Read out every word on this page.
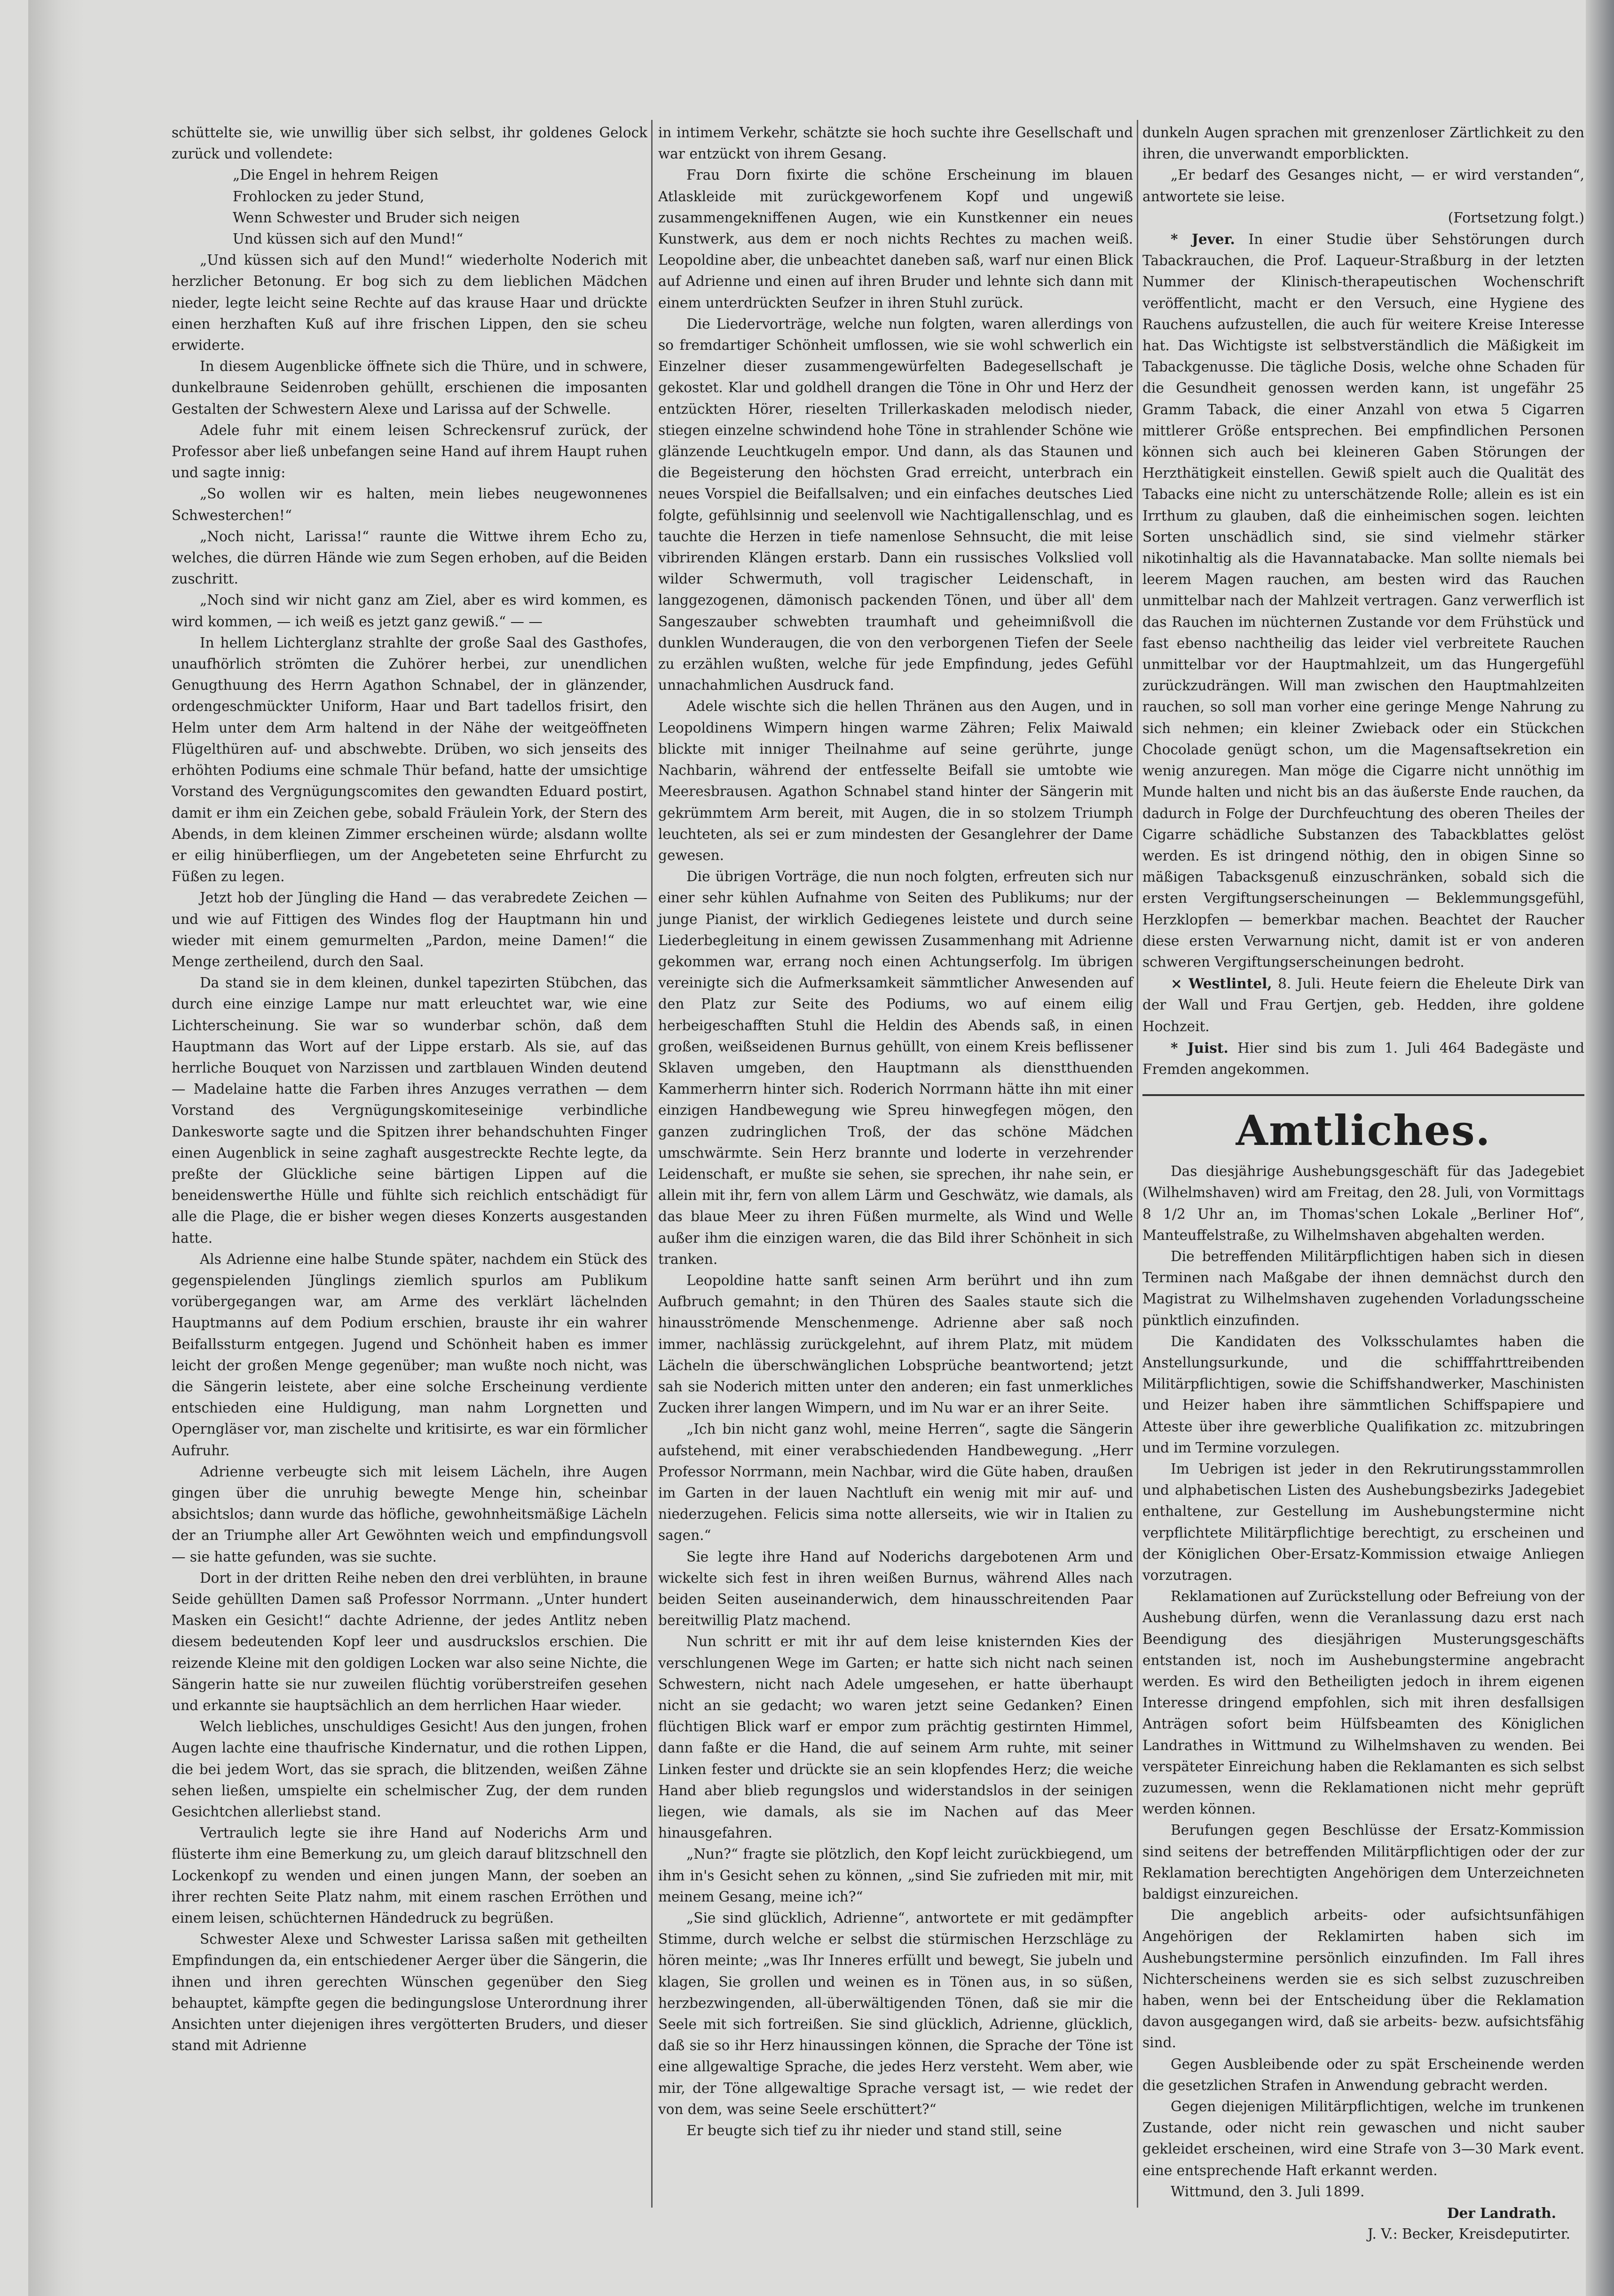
schüttelte sie, wie unwillig über sich selbst, ihr goldenes Gelock zurück und vollendete:

„Die Engel in hehrem Reigen

Frohlocken zu jeder Stund,

Wenn Schwester und Bruder sich neigen

Und küssen sich auf den Mund!“

„Und küssen sich auf den Mund!“ wiederholte Noderich mit herzlicher Betonung. Er bog sich zu dem lieblichen Mädchen nieder, legte leicht seine Rechte auf das krause Haar und drückte einen herzhaften Kuß auf ihre frischen Lippen, den sie scheu erwiderte.

In diesem Augenblicke öffnete sich die Thüre, und in schwere, dunkelbraune Seidenroben gehüllt, erschienen die imposanten Gestalten der Schwestern Alexe und Larissa auf der Schwelle.

Adele fuhr mit einem leisen Schreckensruf zurück, der Professor aber ließ unbefangen seine Hand auf ihrem Haupt ruhen und sagte innig:

„So wollen wir es halten, mein liebes neugewonnenes Schwesterchen!“

„Noch nicht, Larissa!“ raunte die Wittwe ihrem Echo zu, welches, die dürren Hände wie zum Segen erhoben, auf die Beiden zuschritt.

„Noch sind wir nicht ganz am Ziel, aber es wird kommen, es wird kommen, — ich weiß es jetzt ganz gewiß.“ — —

In hellem Lichterglanz strahlte der große Saal des Gasthofes, unaufhörlich strömten die Zuhörer herbei, zur unendlichen Genugthuung des Herrn Agathon Schnabel, der in glänzender, ordengeschmückter Uniform, Haar und Bart tadellos frisirt, den Helm unter dem Arm haltend in der Nähe der weitgeöffneten Flügelthüren auf- und abschwebte. Drüben, wo sich jenseits des erhöhten Podiums eine schmale Thür befand, hatte der umsichtige Vorstand des Vergnügungscomites den gewandten Eduard postirt, damit er ihm ein Zeichen gebe, sobald Fräulein York, der Stern des Abends, in dem kleinen Zimmer erscheinen würde; alsdann wollte er eilig hinüberfliegen, um der Angebeteten seine Ehrfurcht zu Füßen zu legen.

Jetzt hob der Jüngling die Hand — das verabredete Zeichen — und wie auf Fittigen des Windes flog der Hauptmann hin und wieder mit einem gemurmelten „Pardon, meine Damen!“ die Menge zertheilend, durch den Saal.

Da stand sie in dem kleinen, dunkel tapezirten Stübchen, das durch eine einzige Lampe nur matt erleuchtet war, wie eine Lichterscheinung. Sie war so wunderbar schön, daß dem Hauptmann das Wort auf der Lippe erstarb. Als sie, auf das herrliche Bouquet von Narzissen und zartblauen Winden deutend — Madelaine hatte die Farben ihres Anzuges verrathen — dem Vorstand des Vergnügungskomiteseinige verbindliche Dankesworte sagte und die Spitzen ihrer behandschuhten Finger einen Augenblick in seine zaghaft ausgestreckte Rechte legte, da preßte der Glückliche seine bärtigen Lippen auf die beneidenswerthe Hülle und fühlte sich reichlich entschädigt für alle die Plage, die er bisher wegen dieses Konzerts ausgestanden hatte.

Als Adrienne eine halbe Stunde später, nachdem ein Stück des gegenspielenden Jünglings ziemlich spurlos am Publikum vorübergegangen war, am Arme des verklärt lächelnden Hauptmanns auf dem Podium erschien, brauste ihr ein wahrer Beifallssturm entgegen. Jugend und Schönheit haben es immer leicht der großen Menge gegenüber; man wußte noch nicht, was die Sängerin leistete, aber eine solche Erscheinung verdiente entschieden eine Huldigung, man nahm Lorgnetten und Operngläser vor, man zischelte und kritisirte, es war ein förmlicher Aufruhr.

Adrienne verbeugte sich mit leisem Lächeln, ihre Augen gingen über die unruhig bewegte Menge hin, scheinbar absichtslos; dann wurde das höfliche, gewohnheitsmäßige Lächeln der an Triumphe aller Art Gewöhnten weich und empfindungsvoll — sie hatte gefunden, was sie suchte.

Dort in der dritten Reihe neben den drei verblühten, in braune Seide gehüllten Damen saß Professor Norrmann. „Unter hundert Masken ein Gesicht!“ dachte Adrienne, der jedes Antlitz neben diesem bedeutenden Kopf leer und ausdruckslos erschien. Die reizende Kleine mit den goldigen Locken war also seine Nichte, die Sängerin hatte sie nur zuweilen flüchtig vorüberstreifen gesehen und erkannte sie hauptsächlich an dem herrlichen Haar wieder.

Welch liebliches, unschuldiges Gesicht! Aus den jungen, frohen Augen lachte eine thaufrische Kindernatur, und die rothen Lippen, die bei jedem Wort, das sie sprach, die blitzenden, weißen Zähne sehen ließen, umspielte ein schelmischer Zug, der dem runden Gesichtchen allerliebst stand.

Vertraulich legte sie ihre Hand auf Noderichs Arm und flüsterte ihm eine Bemerkung zu, um gleich darauf blitzschnell den Lockenkopf zu wenden und einen jungen Mann, der soeben an ihrer rechten Seite Platz nahm, mit einem raschen Erröthen und einem leisen, schüchternen Händedruck zu begrüßen.

Schwester Alexe und Schwester Larissa saßen mit getheilten Empfindungen da, ein entschiedener Aerger über die Sängerin, die ihnen und ihren gerechten Wünschen gegenüber den Sieg behauptet, kämpfte gegen die bedingungslose Unterordnung ihrer Ansichten unter diejenigen ihres vergötterten Bruders, und dieser stand mit Adrienne

in intimem Verkehr, schätzte sie hoch suchte ihre Gesellschaft und war entzückt von ihrem Gesang.

Frau Dorn fixirte die schöne Erscheinung im blauen Atlaskleide mit zurückgeworfenem Kopf und ungewiß zusammengekniffenen Augen, wie ein Kunstkenner ein neues Kunstwerk, aus dem er noch nichts Rechtes zu machen weiß. Leopoldine aber, die unbeachtet daneben saß, warf nur einen Blick auf Adrienne und einen auf ihren Bruder und lehnte sich dann mit einem unterdrückten Seufzer in ihren Stuhl zurück.

Die Liedervorträge, welche nun folgten, waren allerdings von so fremdartiger Schönheit umflossen, wie sie wohl schwerlich ein Einzelner dieser zusammengewürfelten Badegesellschaft je gekostet. Klar und goldhell drangen die Töne in Ohr und Herz der entzückten Hörer, rieselten Trillerkaskaden melodisch nieder, stiegen einzelne schwindend hohe Töne in strahlender Schöne wie glänzende Leuchtkugeln empor. Und dann, als das Staunen und die Begeisterung den höchsten Grad erreicht, unterbrach ein neues Vorspiel die Beifallsalven; und ein einfaches deutsches Lied folgte, gefühlsinnig und seelenvoll wie Nachtigallenschlag, und es tauchte die Herzen in tiefe namenlose Sehnsucht, die mit leise vibrirenden Klängen erstarb. Dann ein russisches Volkslied voll wilder Schwermuth, voll tragischer Leidenschaft, in langgezogenen, dämonisch packenden Tönen, und über all' dem Sangeszauber schwebten traumhaft und geheimnißvoll die dunklen Wunderaugen, die von den verborgenen Tiefen der Seele zu erzählen wußten, welche für jede Empfindung, jedes Gefühl unnachahmlichen Ausdruck fand.

Adele wischte sich die hellen Thränen aus den Augen, und in Leopoldinens Wimpern hingen warme Zähren; Felix Maiwald blickte mit inniger Theilnahme auf seine gerührte, junge Nachbarin, während der entfesselte Beifall sie umtobte wie Meeresbrausen. Agathon Schnabel stand hinter der Sängerin mit gekrümmtem Arm bereit, mit Augen, die in so stolzem Triumph leuchteten, als sei er zum mindesten der Gesanglehrer der Dame gewesen.

Die übrigen Vorträge, die nun noch folgten, erfreuten sich nur einer sehr kühlen Aufnahme von Seiten des Publikums; nur der junge Pianist, der wirklich Gediegenes leistete und durch seine Liederbegleitung in einem gewissen Zusammenhang mit Adrienne gekommen war, errang noch einen Achtungserfolg. Im übrigen vereinigte sich die Aufmerksamkeit sämmtlicher Anwesenden auf den Platz zur Seite des Podiums, wo auf einem eilig herbeigeschafften Stuhl die Heldin des Abends saß, in einen großen, weißseidenen Burnus gehüllt, von einem Kreis beflissener Sklaven umgeben, den Hauptmann als dienstthuenden Kammerherrn hinter sich. Roderich Norrmann hätte ihn mit einer einzigen Handbewegung wie Spreu hinwegfegen mögen, den ganzen zudringlichen Troß, der das schöne Mädchen umschwärmte. Sein Herz brannte und loderte in verzehrender Leidenschaft, er mußte sie sehen, sie sprechen, ihr nahe sein, er allein mit ihr, fern von allem Lärm und Geschwätz, wie damals, als das blaue Meer zu ihren Füßen murmelte, als Wind und Welle außer ihm die einzigen waren, die das Bild ihrer Schönheit in sich tranken.

Leopoldine hatte sanft seinen Arm berührt und ihn zum Aufbruch gemahnt; in den Thüren des Saales staute sich die hinausströmende Menschenmenge. Adrienne aber saß noch immer, nachlässig zurückgelehnt, auf ihrem Platz, mit müdem Lächeln die überschwänglichen Lobsprüche beantwortend; jetzt sah sie Noderich mitten unter den anderen; ein fast unmerkliches Zucken ihrer langen Wimpern, und im Nu war er an ihrer Seite.

„Ich bin nicht ganz wohl, meine Herren“, sagte die Sängerin aufstehend, mit einer verabschiedenden Handbewegung. „Herr Professor Norrmann, mein Nachbar, wird die Güte haben, draußen im Garten in der lauen Nachtluft ein wenig mit mir auf- und niederzugehen. Felicis sima notte allerseits, wie wir in Italien zu sagen.“

Sie legte ihre Hand auf Noderichs dargebotenen Arm und wickelte sich fest in ihren weißen Burnus, während Alles nach beiden Seiten auseinanderwich, dem hinausschreitenden Paar bereitwillig Platz machend.

Nun schritt er mit ihr auf dem leise knisternden Kies der verschlungenen Wege im Garten; er hatte sich nicht nach seinen Schwestern, nicht nach Adele umgesehen, er hatte überhaupt nicht an sie gedacht; wo waren jetzt seine Gedanken? Einen flüchtigen Blick warf er empor zum prächtig gestirnten Himmel, dann faßte er die Hand, die auf seinem Arm ruhte, mit seiner Linken fester und drückte sie an sein klopfendes Herz; die weiche Hand aber blieb regungslos und widerstandslos in der seinigen liegen, wie damals, als sie im Nachen auf das Meer hinausgefahren.

„Nun?“ fragte sie plötzlich, den Kopf leicht zurückbiegend, um ihm in's Gesicht sehen zu können, „sind Sie zufrieden mit mir, mit meinem Gesang, meine ich?“

„Sie sind glücklich, Adrienne“, antwortete er mit gedämpfter Stimme, durch welche er selbst die stürmischen Herzschläge zu hören meinte; „was Ihr Inneres erfüllt und bewegt, Sie jubeln und klagen, Sie grollen und weinen es in Tönen aus, in so süßen, herzbezwingenden, all-überwältigenden Tönen, daß sie mir die Seele mit sich fortreißen. Sie sind glücklich, Adrienne, glücklich, daß sie so ihr Herz hinaussingen können, die Sprache der Töne ist eine allgewaltige Sprache, die jedes Herz versteht. Wem aber, wie mir, der Töne allgewaltige Sprache versagt ist, — wie redet der von dem, was seine Seele erschüttert?“

Er beugte sich tief zu ihr nieder und stand still, seine

dunkeln Augen sprachen mit grenzenloser Zärtlichkeit zu den ihren, die unverwandt emporblickten.

„Er bedarf des Gesanges nicht, — er wird verstanden“, antwortete sie leise.

(Fortsetzung folgt.)

* Jever. In einer Studie über Sehstörungen durch Tabackrauchen, die Prof. Laqueur-Straßburg in der letzten Nummer der Klinisch-therapeutischen Wochenschrift veröffentlicht, macht er den Versuch, eine Hygiene des Rauchens aufzustellen, die auch für weitere Kreise Interesse hat. Das Wichtigste ist selbstverständlich die Mäßigkeit im Tabackgenusse. Die tägliche Dosis, welche ohne Schaden für die Gesundheit genossen werden kann, ist ungefähr 25 Gramm Taback, die einer Anzahl von etwa 5 Cigarren mittlerer Größe entsprechen. Bei empfindlichen Personen können sich auch bei kleineren Gaben Störungen der Herzthätigkeit einstellen. Gewiß spielt auch die Qualität des Tabacks eine nicht zu unterschätzende Rolle; allein es ist ein Irrthum zu glauben, daß die einheimischen sogen. leichten Sorten unschädlich sind, sie sind vielmehr stärker nikotinhaltig als die Havannatabacke. Man sollte niemals bei leerem Magen rauchen, am besten wird das Rauchen unmittelbar nach der Mahlzeit vertragen. Ganz verwerflich ist das Rauchen im nüchternen Zustande vor dem Frühstück und fast ebenso nachtheilig das leider viel verbreitete Rauchen unmittelbar vor der Hauptmahlzeit, um das Hungergefühl zurückzudrängen. Will man zwischen den Hauptmahlzeiten rauchen, so soll man vorher eine geringe Menge Nahrung zu sich nehmen; ein kleiner Zwieback oder ein Stückchen Chocolade genügt schon, um die Magensaftsekretion ein wenig anzuregen. Man möge die Cigarre nicht unnöthig im Munde halten und nicht bis an das äußerste Ende rauchen, da dadurch in Folge der Durchfeuchtung des oberen Theiles der Cigarre schädliche Substanzen des Tabackblattes gelöst werden. Es ist dringend nöthig, den in obigen Sinne so mäßigen Tabacksgenuß einzuschränken, sobald sich die ersten Vergiftungserscheinungen — Beklemmungsgefühl, Herzklopfen — bemerkbar machen. Beachtet der Raucher diese ersten Verwarnung nicht, damit ist er von anderen schweren Vergiftungserscheinungen bedroht.

× Westlintel, 8. Juli. Heute feiern die Eheleute Dirk van der Wall und Frau Gertjen, geb. Hedden, ihre goldene Hochzeit.

* Juist. Hier sind bis zum 1. Juli 464 Badegäste und Fremden angekommen.

Amtliches.

Das diesjährige Aushebungsgeschäft für das Jadegebiet (Wilhelmshaven) wird am Freitag, den 28. Juli, von Vormittags 8 1/2 Uhr an, im Thomas'schen Lokale „Berliner Hof“, Manteuffelstraße, zu Wilhelmshaven abgehalten werden.

Die betreffenden Militärpflichtigen haben sich in diesen Terminen nach Maßgabe der ihnen demnächst durch den Magistrat zu Wilhelmshaven zugehenden Vorladungsscheine pünktlich einzufinden.

Die Kandidaten des Volksschulamtes haben die Anstellungsurkunde, und die schifffahrttreibenden Militärpflichtigen, sowie die Schiffshandwerker, Maschinisten und Heizer haben ihre sämmtlichen Schiffspapiere und Atteste über ihre gewerbliche Qualifikation zc. mitzubringen und im Termine vorzulegen.

Im Uebrigen ist jeder in den Rekrutirungsstammrollen und alphabetischen Listen des Aushebungsbezirks Jadegebiet enthaltene, zur Gestellung im Aushebungstermine nicht verpflichtete Militärpflichtige berechtigt, zu erscheinen und der Königlichen Ober-Ersatz-Kommission etwaige Anliegen vorzutragen.

Reklamationen auf Zurückstellung oder Befreiung von der Aushebung dürfen, wenn die Veranlassung dazu erst nach Beendigung des diesjährigen Musterungsgeschäfts entstanden ist, noch im Aushebungstermine angebracht werden. Es wird den Betheiligten jedoch in ihrem eigenen Interesse dringend empfohlen, sich mit ihren desfallsigen Anträgen sofort beim Hülfsbeamten des Königlichen Landrathes in Wittmund zu Wilhelmshaven zu wenden. Bei verspäteter Einreichung haben die Reklamanten es sich selbst zuzumessen, wenn die Reklamationen nicht mehr geprüft werden können.

Berufungen gegen Beschlüsse der Ersatz-Kommission sind seitens der betreffenden Militärpflichtigen oder der zur Reklamation berechtigten Angehörigen dem Unterzeichneten baldigst einzureichen.

Die angeblich arbeits- oder aufsichtsunfähigen Angehörigen der Reklamirten haben sich im Aushebungstermine persönlich einzufinden. Im Fall ihres Nichterscheinens werden sie es sich selbst zuzuschreiben haben, wenn bei der Entscheidung über die Reklamation davon ausgegangen wird, daß sie arbeits- bezw. aufsichtsfähig sind.

Gegen Ausbleibende oder zu spät Erscheinende werden die gesetzlichen Strafen in Anwendung gebracht werden.

Gegen diejenigen Militärpflichtigen, welche im trunkenen Zustande, oder nicht rein gewaschen und nicht sauber gekleidet erscheinen, wird eine Strafe von 3—30 Mark event. eine entsprechende Haft erkannt werden.

Wittmund, den 3. Juli 1899.

Der Landrath.

J. V.: Becker, Kreisdeputirter.
